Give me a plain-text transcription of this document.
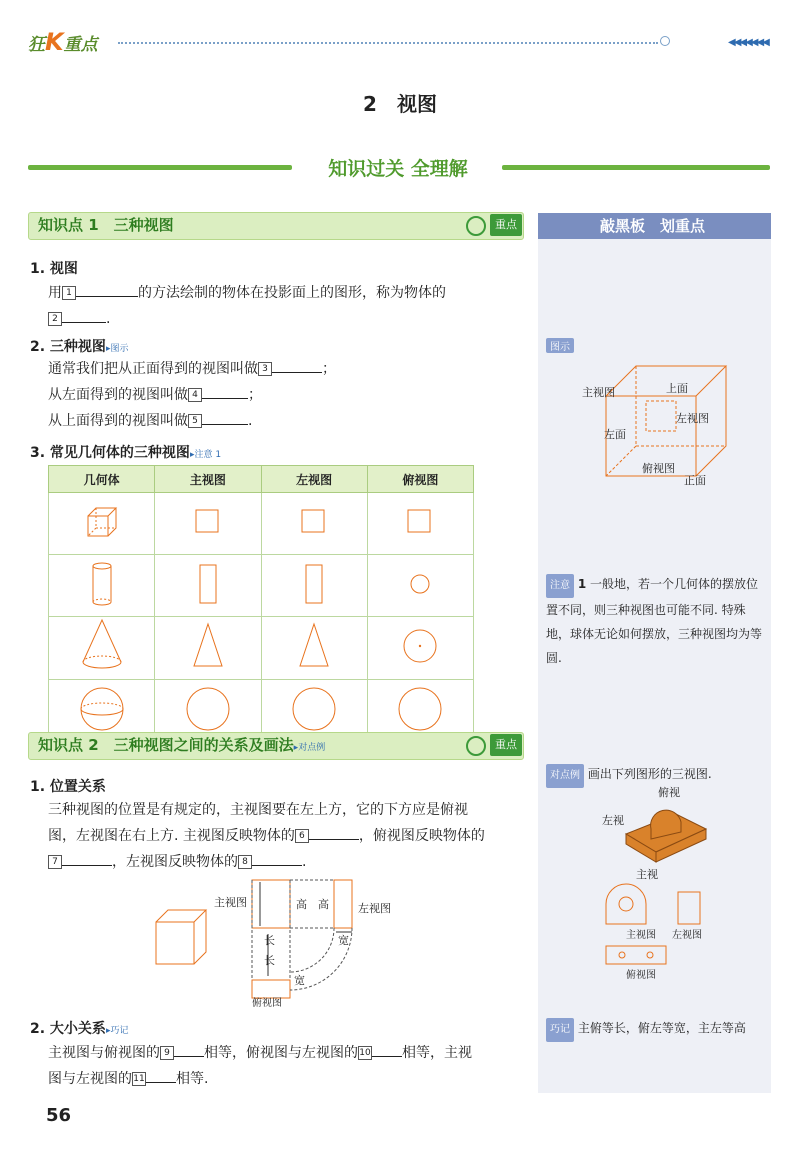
狂K重点	◀◀◀◀◀◀◀
2　视图
知识过关 全理解
知识点 1　三种视图	重点
1. 视图
用 1	的方法绘制的物体在投影面上的图形，称为物体的
2	.
2. 三种视图▸图示
通常我们把从正面得到的视图叫做 3	；
从左面得到的视图叫做 4	；
从上面得到的视图叫做 5	.
3. 常见几何体的三种视图▸注意 1
几何体	主视图	左视图	俯视图

知识点 2　三种视图之间的关系及画法▸对点例	重点
1. 位置关系
三种视图的位置是有规定的，主视图要在左上方，它的下方应是俯视
图，左视图在右上方. 主视图反映物体的 6	，俯视图反映物体的
7	，左视图反映物体的 8	.
主视图	左视图
俯视图
高 高
长
长
宽
宽
2. 大小关系▸巧记
主视图与俯视图的 9 相等，俯视图与左视图的10 相等，主视
图与左视图的11 相等.
敲黑板　划重点
图示
主视图	上面
左视图
左面
俯视图
正面
注意 1 一般地，若一个几何体的摆放位置不同，则三种视图也可能不同. 特殊地，球体无论如何摆放，三种视图均为等圆.
对点例 画出下列图形的三视图.
俯视
左视
主视
主视图 左视图
俯视图
巧记 主俯等长，俯左等宽，主左等高
56
